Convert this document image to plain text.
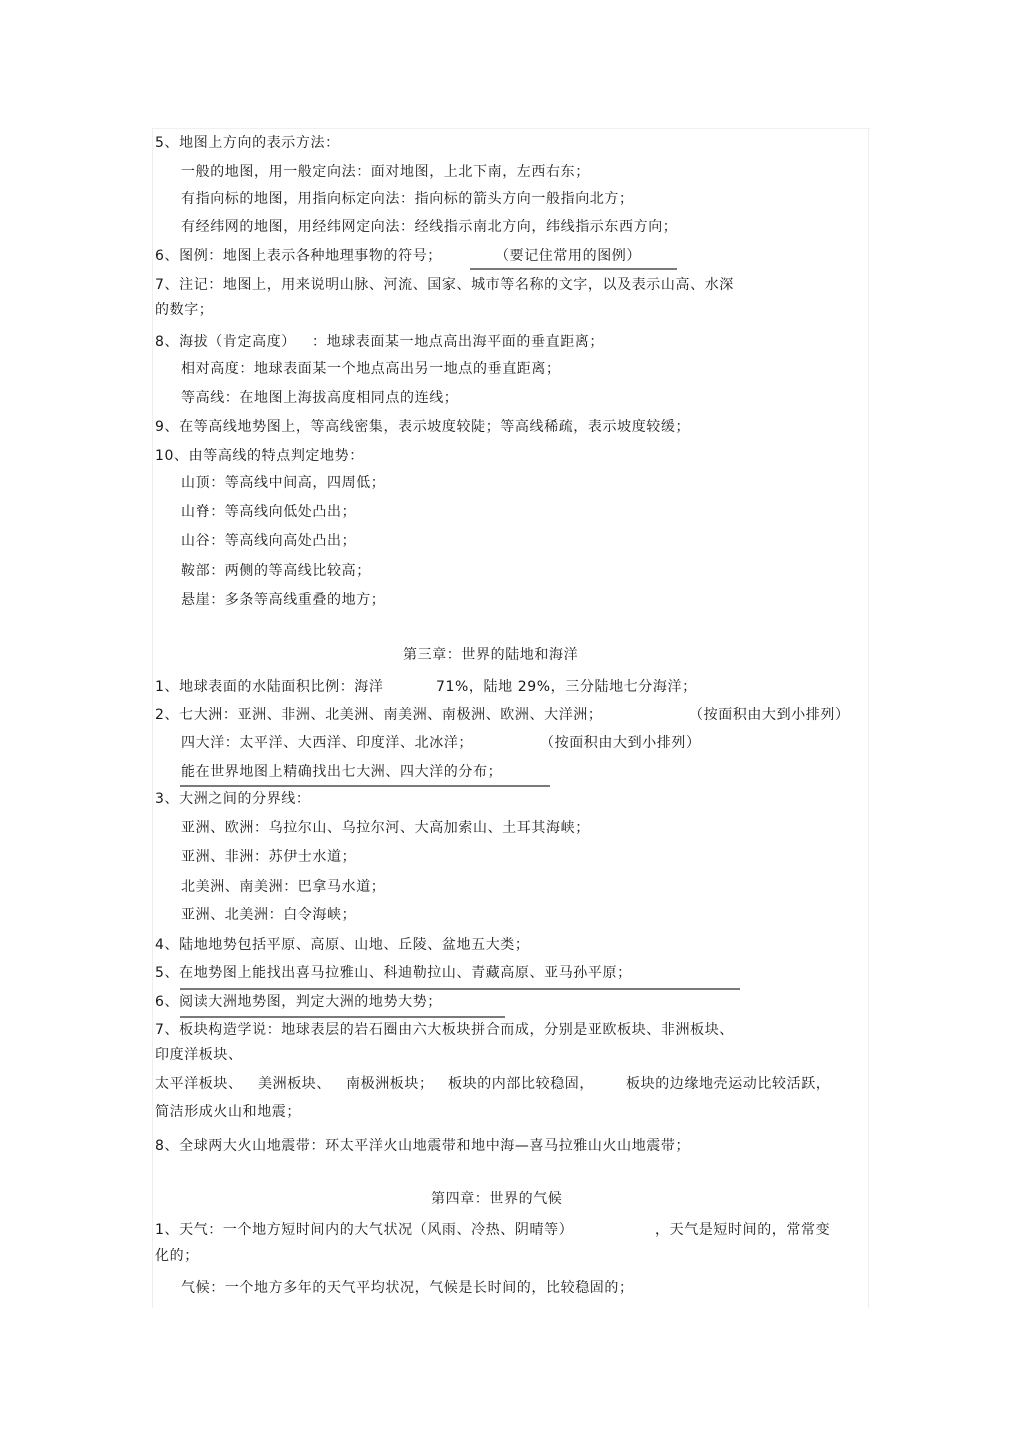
5、地图上方向的表示方法：
一般的地图，用一般定向法：面对地图，上北下南，左西右东；
有指向标的地图，用指向标定向法：指向标的箭头方向一般指向北方；
有经纬网的地图，用经纬网定向法：经线指示南北方向，纬线指示东西方向；
6、图例：地图上表示各种地理事物的符号；	（要记住常用的图例）
7、注记：地图上，用来说明山脉、河流、国家、城市等名称的文字，以及表示山高、水深
的数字；
8、海拔（肯定高度） ：地球表面某一地点高出海平面的垂直距离；
相对高度：地球表面某一个地点高出另一地点的垂直距离；
等高线：在地图上海拔高度相同点的连线；
9、在等高线地势图上，等高线密集，表示坡度较陡；等高线稀疏，表示坡度较缓；
10、由等高线的特点判定地势：
山顶：等高线中间高，四周低；
山脊：等高线向低处凸出；
山谷：等高线向高处凸出；
鞍部：两侧的等高线比较高；
悬崖：多条等高线重叠的地方；
第三章：世界的陆地和海洋
1、地球表面的水陆面积比例：海洋	71%，陆地 29%，三分陆地七分海洋；
2、七大洲：亚洲、非洲、北美洲、南美洲、南极洲、欧洲、大洋洲；	（按面积由大到小排列）
四大洋：太平洋、大西洋、印度洋、北冰洋；	（按面积由大到小排列）
能在世界地图上精确找出七大洲、四大洋的分布；
3、大洲之间的分界线：
亚洲、欧洲：乌拉尔山、乌拉尔河、大高加索山、土耳其海峡；
亚洲、非洲：苏伊士水道；
北美洲、南美洲：巴拿马水道；
亚洲、北美洲：白令海峡；
4、陆地地势包括平原、高原、山地、丘陵、盆地五大类；
5、在地势图上能找出喜马拉雅山、科迪勒拉山、青藏高原、亚马孙平原；
6、阅读大洲地势图，判定大洲的地势大势；
7、板块构造学说：地球表层的岩石圈由六大板块拼合而成，分别是亚欧板块、非洲板块、
印度洋板块、
太平洋板块、 美洲板块、 南极洲板块； 板块的内部比较稳固， 板块的边缘地壳运动比较活跃，
简洁形成火山和地震；
8、全球两大火山地震带：环太平洋火山地震带和地中海—喜马拉雅山火山地震带；
第四章：世界的气候
1、天气：一个地方短时间内的大气状况（风雨、冷热、阴晴等）	，天气是短时间的，常常变
化的；
气候：一个地方多年的天气平均状况，气候是长时间的，比较稳固的；
